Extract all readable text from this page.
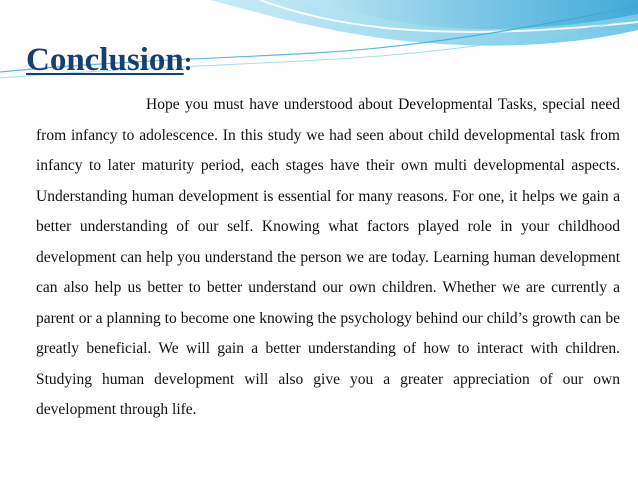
Conclusion:

Hope you must have understood about Developmental Tasks, special need from infancy to adolescence. In this study we had seen about child developmental task from infancy to later maturity period, each stages have their own multi developmental aspects. Understanding human development is essential for many reasons. For one, it helps we gain a better understanding of our self. Knowing what factors played role in your childhood development can help you understand the person we are today. Learning human development can also help us better to better understand our own children. Whether we are currently a parent or a planning to become one knowing the psychology behind our child’s growth can be greatly beneficial. We will gain a better understanding of how to interact with children. Studying human development will also give you a greater appreciation of our own development through life.
